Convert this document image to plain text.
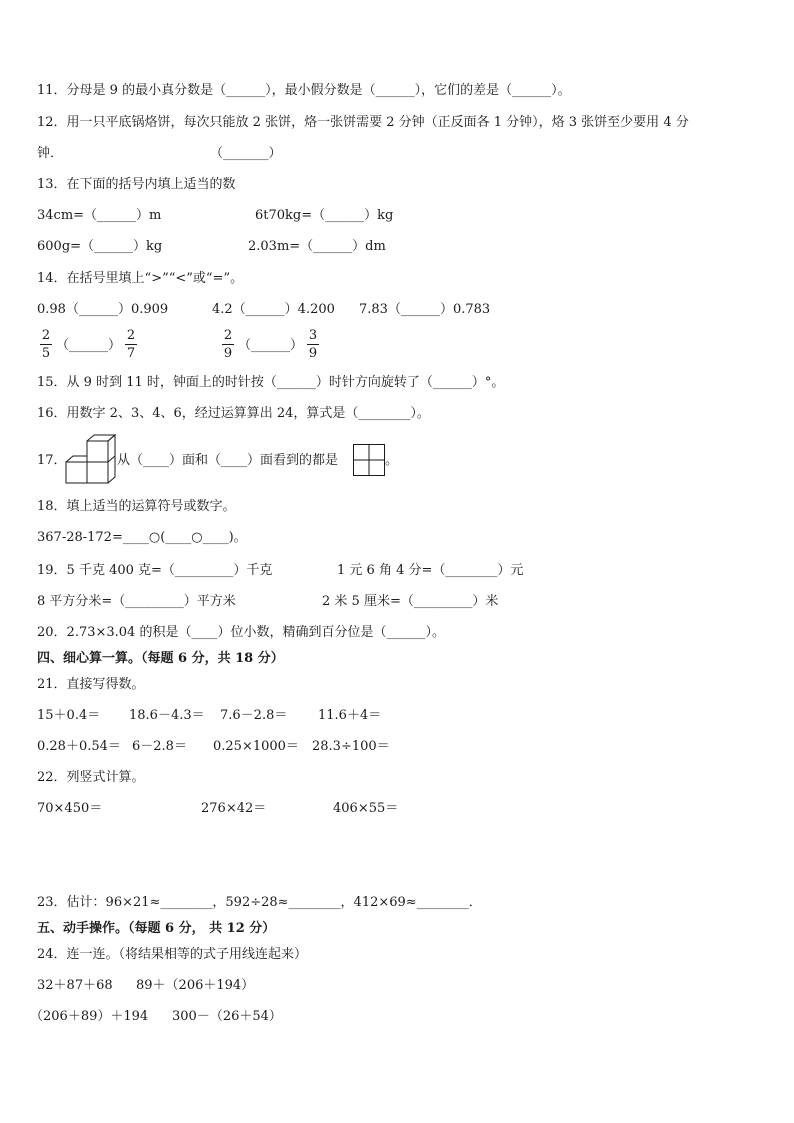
11．分母是 9 的最小真分数是（______），最小假分数是（______），它们的差是（______）。
12．用一只平底锅烙饼，每次只能放 2 张饼，烙一张饼需要 2 分钟（正反面各 1 分钟），烙 3 张饼至少要用 4 分
钟．	（_______）
13．在下面的括号内填上适当的数
34cm=（______）m	6t70kg=（______）kg
600g=（______）kg	2.03m=（______）dm
14．在括号里填上“>”“<”或“=”。
0.98（______）0.909	4.2（______）4.200 7.83（______）0.783
2
5
（______）
2
7
2
9
（______）
3
9
15．从 9 时到 11 时，钟面上的时针按（______）时针方向旋转了（______）°。
16．用数字 2、3、4、6，经过运算算出 24，算式是（________）。
17．	从（____）面和（____）面看到的都是	。
18．填上适当的运算符号或数字。
367-28-172=____○(____○____)。
19．5 千克 400 克=（_________）千克	1 元 6 角 4 分=（________）元
8 平方分米=（_________）平方米	2 米 5 厘米=（_________）米
20．2.73×3.04 的积是（____）位小数，精确到百分位是（______）。
四、细心算一算。（每题 6 分，共 18 分）
21．直接写得数。
15＋0.4＝ 18.6－4.3＝ 7.6－2.8＝ 11.6＋4＝
0.28＋0.54＝ 6－2.8＝ 0.25×1000＝ 28.3÷100＝
22．列竖式计算。
70×450＝	276×42＝	406×55＝
23．估计：96×21≈________，592÷28≈________，412×69≈________．
五、动手操作。（每题 6 分， 共 12 分）
24．连一连。（将结果相等的式子用线连起来）
32＋87＋68 89＋（206＋194）
（206＋89）＋194 300－（26＋54）
